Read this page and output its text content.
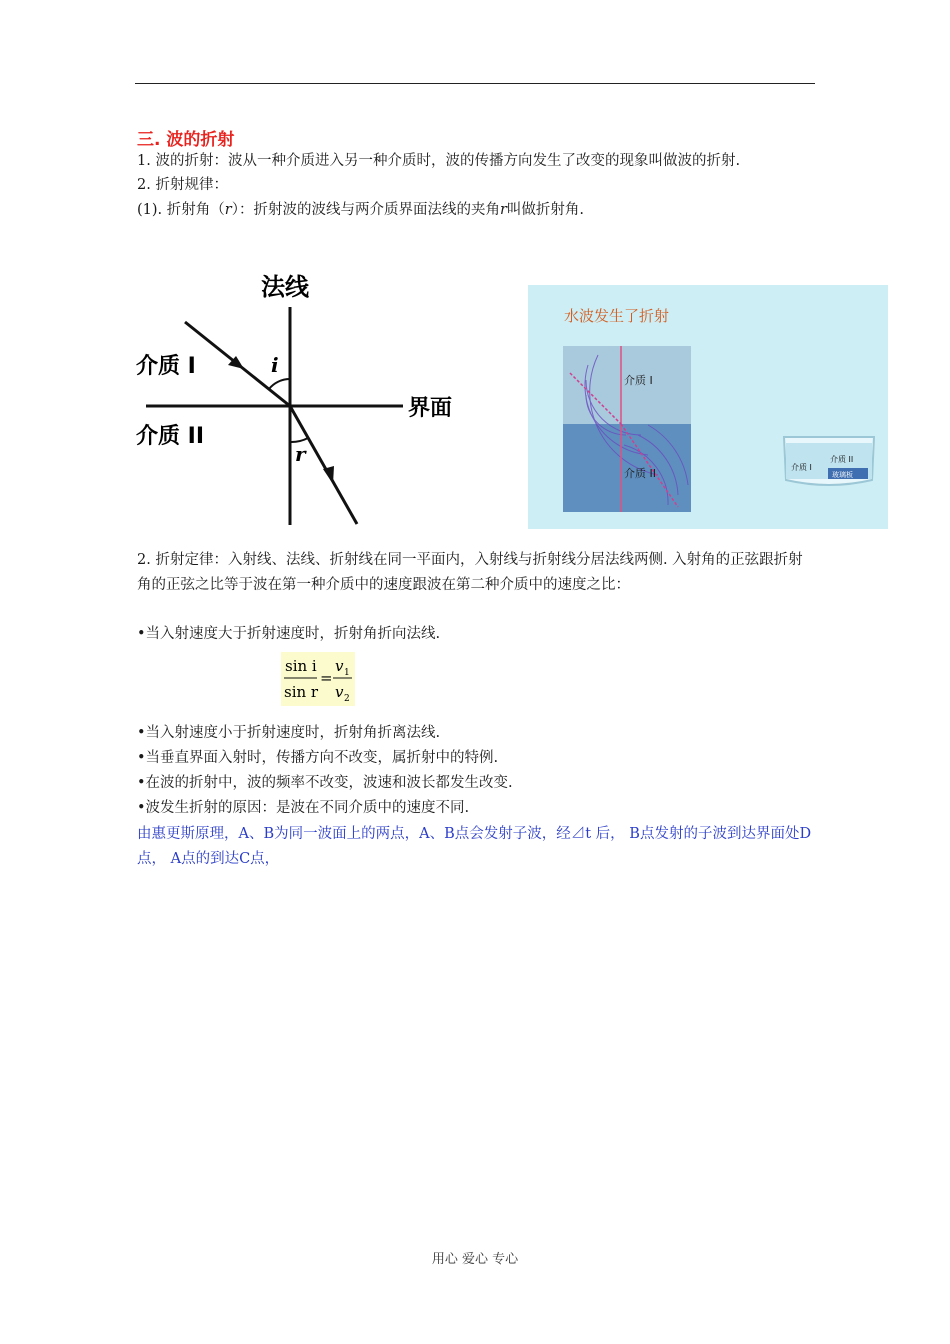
三. 波的折射
1. 波的折射：波从一种介质进入另一种介质时，波的传播方向发生了改变的现象叫做波的折射.
2. 折射规律：
(1). 折射角（r）：折射波的波线与两介质界面法线的夹角r叫做折射角.
法线
界面
介质 I
介质 II
i
r
水波发生了折射
介质 I
介质 II	介质 I
介质 II
玻璃板
2. 折射定律：入射线、法线、折射线在同一平面内，入射线与折射线分居法线两侧. 入射角的正弦跟折射角的正弦之比等于波在第一种介质中的速度跟波在第二种介质中的速度之比：
•当入射速度大于折射速度时，折射角折向法线.
sin i
sin r
=
v 1
v 2
•当入射速度小于折射速度时，折射角折离法线.
•当垂直界面入射时，传播方向不改变，属折射中的特例.
•在波的折射中，波的频率不改变，波速和波长都发生改变.
•波发生折射的原因：是波在不同介质中的速度不同.
由惠更斯原理，A、B为同一波面上的两点，A、B点会发射子波，经⊿t 后， B点发射的子波到达界面处D点， A点的到达C点，
用心 爱心 专心
